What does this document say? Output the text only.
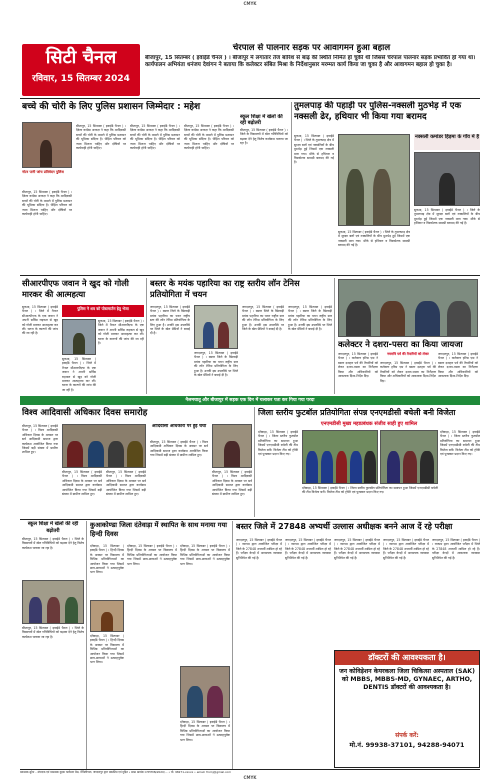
CMYK
सिटी चैनल
रविवार, 15 सितम्बर 2024
चेरपाल से पालनार सड़क पर आवागमन हुआ बहाल
बीजापुर, 15 सितम्बर ( इवाईडे चैनल ) । बीजापुर में लगातार तेज बारिश से बाढ़ की स्थिति निर्मित हो चुकी थी जिससे चेरपाल पालनार सड़क प्रभावित हो गया था। कार्यपालन अभियंता धनंजय देवांगन ने बताया कि कलेक्टर संबित मिश्रा के निर्देशानुसार मरम्मत कार्य किया जा चुका है और आवागमन बहाल हो चुका है।
बच्चे की चोरी के लिए पुलिस प्रशासन जिम्मेदार : महेश
नोटर पानी जांच प्रतिवेदन पुलिस
बीजापुर, 15 सितम्बर ( इवाईडे चैनल ) । ज़िला कांग्रेस अध्यक्ष ने कहा कि आदिवासी बच्चों की चोरी के मामले में पुलिस प्रशासन की भूमिका संदिग्ध है। पीड़ित परिवार को न्याय मिलना चाहिए और दोषियों पर कार्यवाही होनी चाहिए।
बीजापुर, 15 सितम्बर ( इवाईडे चैनल ) । ज़िला कांग्रेस अध्यक्ष ने कहा कि आदिवासी बच्चों की चोरी के मामले में पुलिस प्रशासन की भूमिका संदिग्ध है। पीड़ित परिवार को न्याय मिलना चाहिए और दोषियों पर कार्यवाही होनी चाहिए।
बीजापुर, 15 सितम्बर ( इवाईडे चैनल ) । ज़िला कांग्रेस अध्यक्ष ने कहा कि आदिवासी बच्चों की चोरी के मामले में पुलिस प्रशासन की भूमिका संदिग्ध है। पीड़ित परिवार को न्याय मिलना चाहिए और दोषियों पर कार्यवाही होनी चाहिए।
बीजापुर, 15 सितम्बर ( इवाईडे चैनल ) । ज़िला कांग्रेस अध्यक्ष ने कहा कि आदिवासी बच्चों की चोरी के मामले में पुलिस प्रशासन की भूमिका संदिग्ध है। पीड़ित परिवार को न्याय मिलना चाहिए और दोषियों पर कार्यवाही होनी चाहिए।
स्कूल शिक्षा में खेलों की रही बढ़ोतरी
बीजापुर, 15 सितम्बर ( इवाईडे चैनल ) । जिले के विद्यालयों में खेल गतिविधियों को बढ़ावा देने हेतु विशेष कार्यक्रम चलाया जा रहा है।
तुमलपाड़ की पहाड़ी पर पुलिस-नक्सली मुठभेड़ में एक नक्सली ढेर, हथियार भी किया गया बरामद
सुकमा, 15 सितम्बर ( इवाईडे चैनल ) । जिले के तुमलपाड़ क्षेत्र में सुरक्षा बलों एवं नक्सलियों के बीच मुठभेड़ हुई जिसमें एक नक्सली मारा गया। मौके से हथियार व विस्फोटक सामग्री बरामद की गई है।
सुकमा, 15 सितम्बर ( इवाईडे चैनल ) । जिले के तुमलपाड़ क्षेत्र में सुरक्षा बलों एवं नक्सलियों के बीच मुठभेड़ हुई जिसमें एक नक्सली मारा गया। मौके से हथियार व विस्फोटक सामग्री बरामद की गई है।
नक्सली कमांडर हिड़मा के गाँव में है
सुकमा, 15 सितम्बर ( इवाईडे चैनल ) । जिले के तुमलपाड़ क्षेत्र में सुरक्षा बलों एवं नक्सलियों के बीच मुठभेड़ हुई जिसमें एक नक्सली मारा गया। मौके से हथियार व विस्फोटक सामग्री बरामद की गई है।
सीआरपीएफ जवान ने खुद को गोली मारकर की आत्महत्या
सुकमा, 15 सितम्बर ( इवाईडे चैनल ) । जिले में तैनात सीआरपीएफ के एक जवान ने अपनी सर्विस राइफल से खुद को गोली मारकर आत्महत्या कर ली। घटना के कारणों की जांच की जा रही है।
पुलिस ने शव को पोस्टमार्टम हेतु भेजा
सुकमा, 15 सितम्बर ( इवाईडे चैनल ) । जिले में तैनात सीआरपीएफ के एक जवान ने अपनी सर्विस राइफल से खुद को गोली मारकर आत्महत्या कर ली। घटना के कारणों की जांच की जा रही है।
सुकमा, 15 सितम्बर ( इवाईडे चैनल ) । जिले में तैनात सीआरपीएफ के एक जवान ने अपनी सर्विस राइफल से खुद को गोली मारकर आत्महत्या कर ली। घटना के कारणों की जांच की जा रही है।
बस्तर के मयंक पहारिया का राष्ट्र स्तरीय लॉन टेनिस प्रतियोगिता में चयन
जगदलपुर, 15 सितम्बर ( इवाईडे चैनल ) । बस्तर जिले के खिलाड़ी मयंक पहारिया का चयन राष्ट्रीय स्तर की लॉन टेनिस प्रतियोगिता के लिए हुआ है। उनकी इस उपलब्धि पर जिले के खेल प्रेमियों ने बधाई दी है।
जगदलपुर, 15 सितम्बर ( इवाईडे चैनल ) । बस्तर जिले के खिलाड़ी मयंक पहारिया का चयन राष्ट्रीय स्तर की लॉन टेनिस प्रतियोगिता के लिए हुआ है। उनकी इस उपलब्धि पर जिले के खेल प्रेमियों ने बधाई दी है।
जगदलपुर, 15 सितम्बर ( इवाईडे चैनल ) । बस्तर जिले के खिलाड़ी मयंक पहारिया का चयन राष्ट्रीय स्तर की लॉन टेनिस प्रतियोगिता के लिए हुआ है। उनकी इस उपलब्धि पर जिले के खेल प्रेमियों ने बधाई दी है।
जगदलपुर, 15 सितम्बर ( इवाईडे चैनल ) । बस्तर जिले के खिलाड़ी मयंक पहारिया का चयन राष्ट्रीय स्तर की लॉन टेनिस प्रतियोगिता के लिए हुआ है। उनकी इस उपलब्धि पर जिले के खेल प्रेमियों ने बधाई दी है।
कलेक्टर ने दशरा-पसरा का किया जायजा
नवरात्रि पर्व की तैयारियों को लेकर
जगदलपुर, 15 सितम्बर ( इवाईडे चैनल ) । कलेक्टर हरिस एस ने बस्तर दशहरा पर्व की तैयारियों को लेकर दशरा-पसरा का निरीक्षण किया और अधिकारियों को आवश्यक दिशा-निर्देश दिए।
जगदलपुर, 15 सितम्बर ( इवाईडे चैनल ) । कलेक्टर हरिस एस ने बस्तर दशहरा पर्व की तैयारियों को लेकर दशरा-पसरा का निरीक्षण किया और अधिकारियों को आवश्यक दिशा-निर्देश दिए।
जगदलपुर, 15 सितम्बर ( इवाईडे चैनल ) । कलेक्टर हरिस एस ने बस्तर दशहरा पर्व की तैयारियों को लेकर दशरा-पसरा का निरीक्षण किया और अधिकारियों को आवश्यक दिशा-निर्देश दिए।
नैलमचातू और बीजापुर में सड़क एक दिन में चलाकर पता कर गिया गया परदा
विश्व आदिवासी अधिकार दिवस समारोह
बीजापुर, 15 सितम्बर ( इवाईडे चैनल ) । विश्व आदिवासी अधिकार दिवस के अवसर पर सर्व आदिवासी समाज द्वारा कार्यक्रम आयोजित किया गया जिसमें बड़ी संख्या में ग्रामीण शामिल हुए।
बीजापुर, 15 सितम्बर ( इवाईडे चैनल ) । विश्व आदिवासी अधिकार दिवस के अवसर पर सर्व आदिवासी समाज द्वारा कार्यक्रम आयोजित किया गया जिसमें बड़ी संख्या में ग्रामीण शामिल हुए।
बीजापुर, 15 सितम्बर ( इवाईडे चैनल ) । विश्व आदिवासी अधिकार दिवस के अवसर पर सर्व आदिवासी समाज द्वारा कार्यक्रम आयोजित किया गया जिसमें बड़ी संख्या में ग्रामीण शामिल हुए।
आदिवासी अधिकारों पर हुई चर्चा
बीजापुर, 15 सितम्बर ( इवाईडे चैनल ) । विश्व आदिवासी अधिकार दिवस के अवसर पर सर्व आदिवासी समाज द्वारा कार्यक्रम आयोजित किया गया जिसमें बड़ी संख्या में ग्रामीण शामिल हुए।
बीजापुर, 15 सितम्बर ( इवाईडे चैनल ) । विश्व आदिवासी अधिकार दिवस के अवसर पर सर्व आदिवासी समाज द्वारा कार्यक्रम आयोजित किया गया जिसमें बड़ी संख्या में ग्रामीण शामिल हुए।
जिला स्तरीय फुटबॉल प्रतियोगिता संपन्न एनएमडीसी बचेली बनी विजेता
एनएमडीसी मुख्य महाप्रबंधक संजीव साही हुए शामिल
दंतेवाड़ा, 15 सितम्बर ( इवाईडे चैनल ) । जिला स्तरीय फुटबॉल प्रतियोगिता का समापन हुआ जिसमें एनएमडीसी बचेली की टीम विजेता बनी। विजेता टीम को ट्रॉफी एवं पुरस्कार प्रदान किए गए।
दंतेवाड़ा, 15 सितम्बर ( इवाईडे चैनल ) । जिला स्तरीय फुटबॉल प्रतियोगिता का समापन हुआ जिसमें एनएमडीसी बचेली की टीम विजेता बनी। विजेता टीम को ट्रॉफी एवं पुरस्कार प्रदान किए गए।
दंतेवाड़ा, 15 सितम्बर ( इवाईडे चैनल ) । जिला स्तरीय फुटबॉल प्रतियोगिता का समापन हुआ जिसमें एनएमडीसी बचेली की टीम विजेता बनी। विजेता टीम को ट्रॉफी एवं पुरस्कार प्रदान किए गए।
स्कूल शिक्षा में खेलों की रही बढ़ोतरी
बीजापुर, 15 सितम्बर ( इवाईडे चैनल ) । जिले के विद्यालयों में खेल गतिविधियों को बढ़ावा देने हेतु विशेष कार्यक्रम चलाया जा रहा है।
बीजापुर, 15 सितम्बर ( इवाईडे चैनल ) । जिले के विद्यालयों में खेल गतिविधियों को बढ़ावा देने हेतु विशेष कार्यक्रम चलाया जा रहा है।
कुआकोण्डा जिला दंतेवाड़ा में स्थापित के साथ मनाया गया हिन्दी दिवस
दंतेवाड़ा, 15 सितम्बर ( इवाईडे चैनल ) । हिन्दी दिवस के अवसर पर विद्यालय में विभिन्न प्रतियोगिताओं का आयोजन किया गया जिसमें छात्र-छात्राओं ने उत्साहपूर्वक भाग लिया।
दंतेवाड़ा, 15 सितम्बर ( इवाईडे चैनल ) । हिन्दी दिवस के अवसर पर विद्यालय में विभिन्न प्रतियोगिताओं का आयोजन किया गया जिसमें छात्र-छात्राओं ने उत्साहपूर्वक भाग लिया।
दंतेवाड़ा, 15 सितम्बर ( इवाईडे चैनल ) । हिन्दी दिवस के अवसर पर विद्यालय में विभिन्न प्रतियोगिताओं का आयोजन किया गया जिसमें छात्र-छात्राओं ने उत्साहपूर्वक भाग लिया।
दंतेवाड़ा, 15 सितम्बर ( इवाईडे चैनल ) । हिन्दी दिवस के अवसर पर विद्यालय में विभिन्न प्रतियोगिताओं का आयोजन किया गया जिसमें छात्र-छात्राओं ने उत्साहपूर्वक भाग लिया।
दंतेवाड़ा, 15 सितम्बर ( इवाईडे चैनल ) । हिन्दी दिवस के अवसर पर विद्यालय में विभिन्न प्रतियोगिताओं का आयोजन किया गया जिसमें छात्र-छात्राओं ने उत्साहपूर्वक भाग लिया।
बस्तर जिले में 27848 अभ्यर्थी उल्लास अधीक्षक बनने आज दें रहे परीक्षा
जगदलपुर, 15 सितम्बर ( इवाईडे चैनल ) । व्यापम द्वारा आयोजित परीक्षा में जिले के 27848 अभ्यर्थी शामिल हो रहे हैं। परीक्षा केन्द्रों में आवश्यक व्यवस्था सुनिश्चित की गई है।
जगदलपुर, 15 सितम्बर ( इवाईडे चैनल ) । व्यापम द्वारा आयोजित परीक्षा में जिले के 27848 अभ्यर्थी शामिल हो रहे हैं। परीक्षा केन्द्रों में आवश्यक व्यवस्था सुनिश्चित की गई है।
जगदलपुर, 15 सितम्बर ( इवाईडे चैनल ) । व्यापम द्वारा आयोजित परीक्षा में जिले के 27848 अभ्यर्थी शामिल हो रहे हैं। परीक्षा केन्द्रों में आवश्यक व्यवस्था सुनिश्चित की गई है।
जगदलपुर, 15 सितम्बर ( इवाईडे चैनल ) । व्यापम द्वारा आयोजित परीक्षा में जिले के 27848 अभ्यर्थी शामिल हो रहे हैं। परीक्षा केन्द्रों में आवश्यक व्यवस्था सुनिश्चित की गई है।
जगदलपुर, 15 सितम्बर ( इवाईडे चैनल ) । व्यापम द्वारा आयोजित परीक्षा में जिले के 27848 अभ्यर्थी शामिल हो रहे हैं। परीक्षा केन्द्रों में आवश्यक व्यवस्था सुनिश्चित की गई है।
डॉक्टरों की आवश्यकता है।
जन कोविड़ेशन केयरकला जिला चिकित्सा अस्पताल (SAK) को MBBS, MBBS-MD, GYNAEC, ARTHO, DENTIS डॉक्टरों की आवश्यकता है।
संपर्क करें:
मो.नं. 99938-37101, 94288-94071
प्रकाशक सुरेश – संपादक एवं प्रकाशक मुद्रक फागेश्वर प्रेस, मैथिलीपारा, जगदलपुर द्वारा प्रकाशित एवं मुद्रित • RNI क्रमांक CHHHIN/2020/... • मो. 98271-xxxxx • email: fromj@gmail.com
CMYK
